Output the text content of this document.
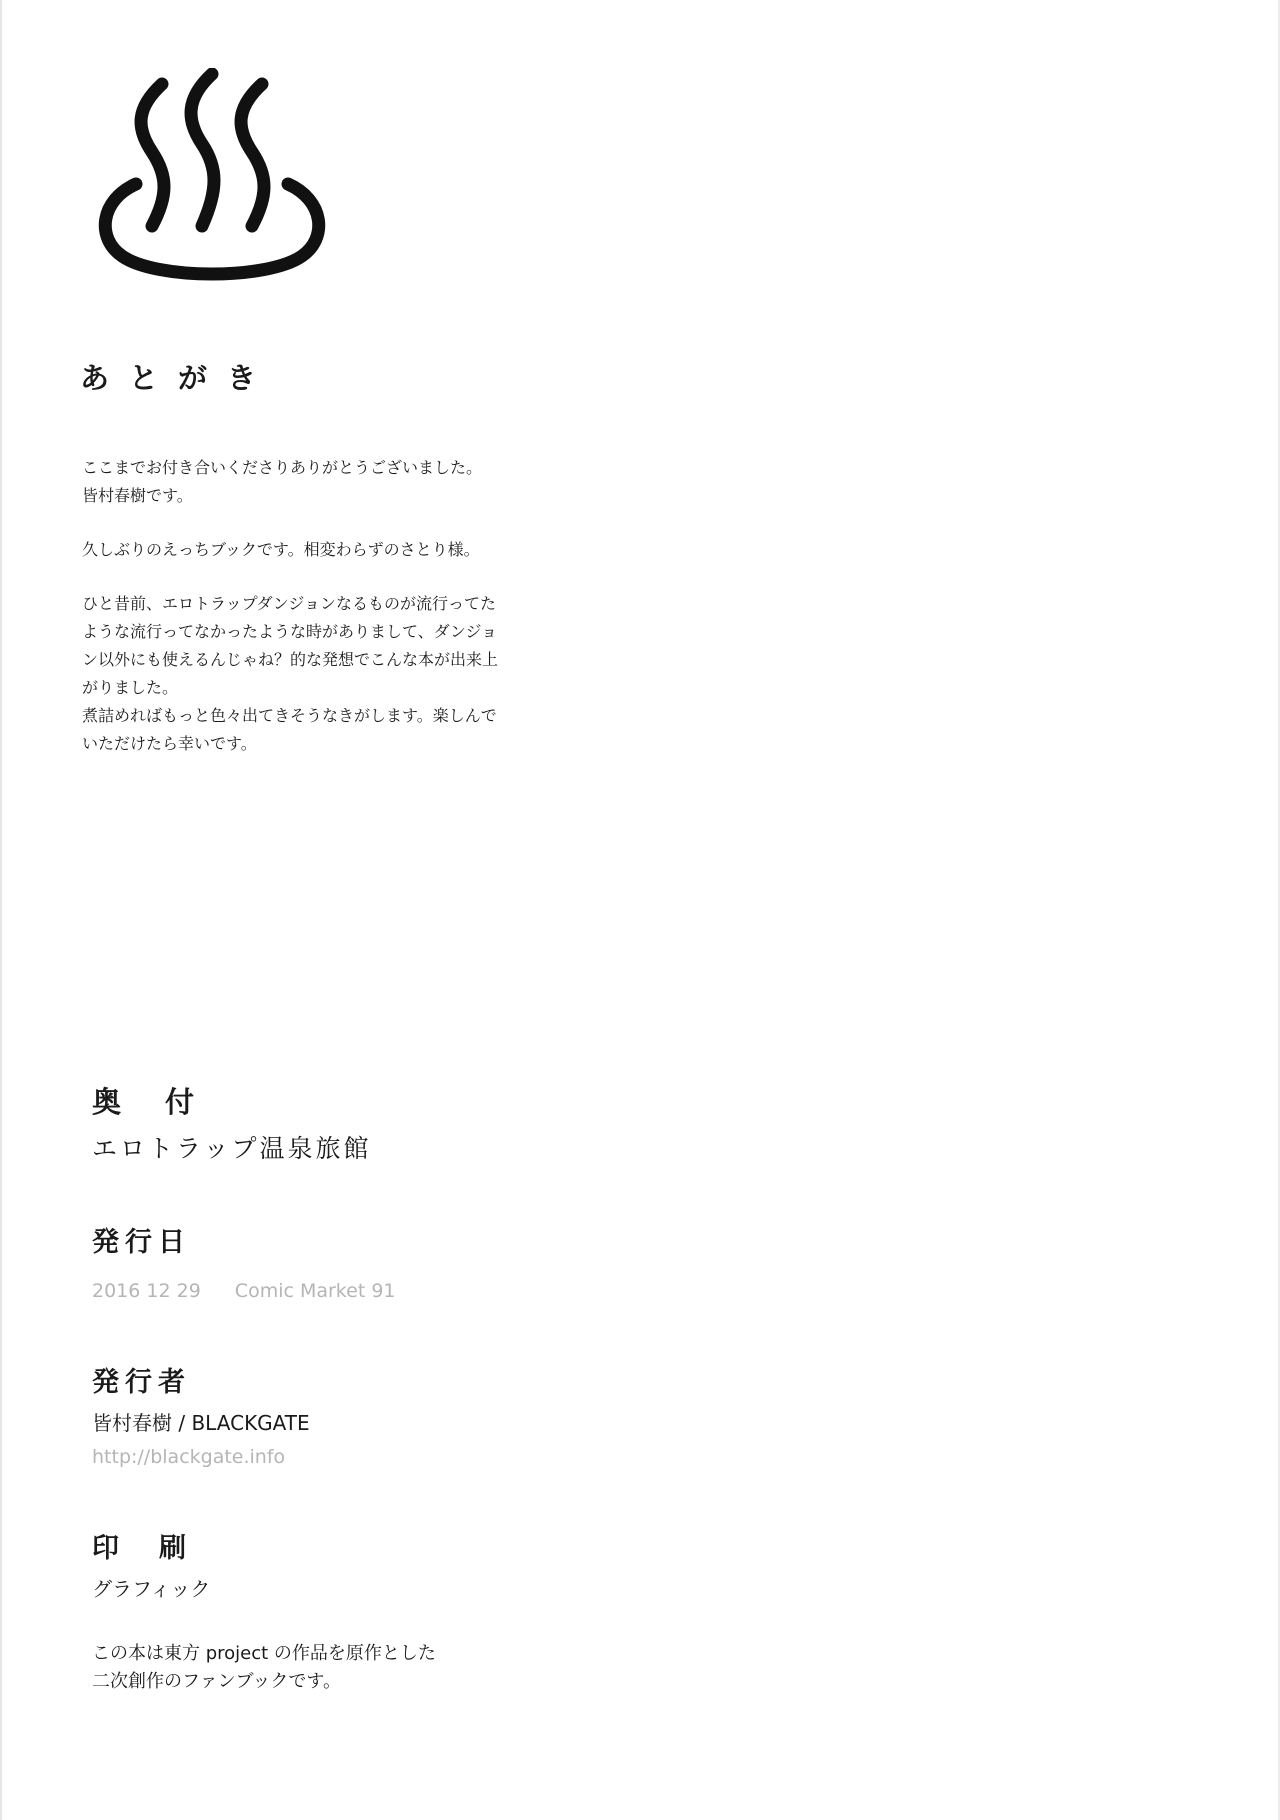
あとがき

ここまでお付き合いくださりありがとうございました。
皆村春樹です。

久しぶりのえっちブックです。相変わらずのさとり様。

ひと昔前、エロトラップダンジョンなるものが流行ってた
ような流行ってなかったような時がありまして、ダンジョ
ン以外にも使えるんじゃね？的な発想でこんな本が出来上
がりました。
煮詰めればもっと色々出てきそうなきがします。楽しんで
いただけたら幸いです。

奥付
エロトラップ温泉旅館
発行日
2016 12 29 Comic Market 91
発行者
皆村春樹 / BLACKGATE
http://blackgate.info
印刷
グラフィック
この本は東方 project の作品を原作とした
二次創作のファンブックです。
